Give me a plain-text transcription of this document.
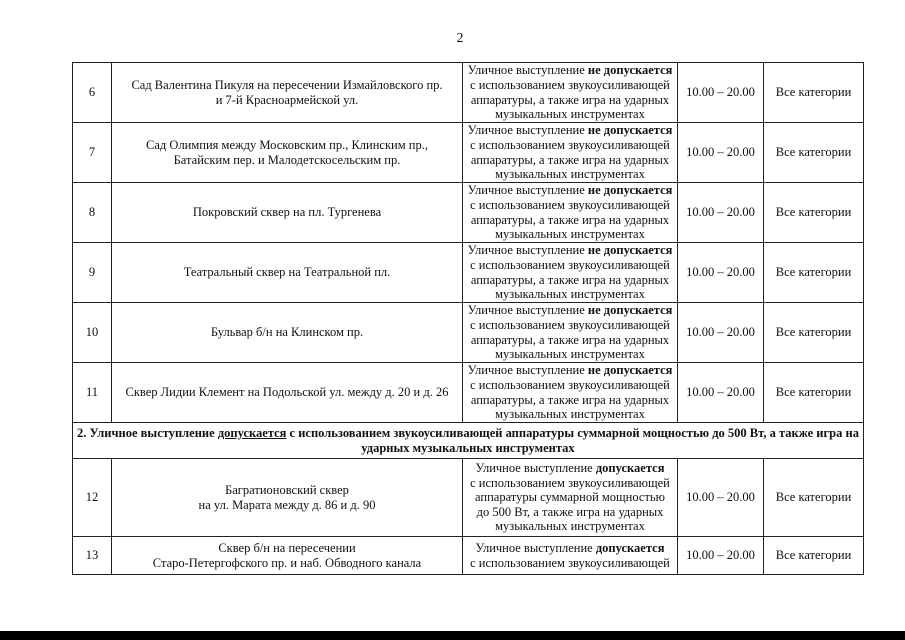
2
6	Сад Валентина Пикуля на пересечении Измайловского пр.
и 7-й Красноармейской ул.	Уличное выступление не допускается
с использованием звукоусиливающей
аппаратуры, а также игра на ударных
музыкальных инструментах	10.00 – 20.00	Все категории
7	Сад Олимпия между Московским пр., Клинским пр.,
Батайским пер. и Малодетскосельским пр.	Уличное выступление не допускается
с использованием звукоусиливающей
аппаратуры, а также игра на ударных
музыкальных инструментах	10.00 – 20.00	Все категории
8	Покровский сквер на пл. Тургенева	Уличное выступление не допускается
с использованием звукоусиливающей
аппаратуры, а также игра на ударных
музыкальных инструментах	10.00 – 20.00	Все категории
9	Театральный сквер на Театральной пл.	Уличное выступление не допускается
с использованием звукоусиливающей
аппаратуры, а также игра на ударных
музыкальных инструментах	10.00 – 20.00	Все категории
10	Бульвар б/н на Клинском пр.	Уличное выступление не допускается
с использованием звукоусиливающей
аппаратуры, а также игра на ударных
музыкальных инструментах	10.00 – 20.00	Все категории
11	Сквер Лидии Клемент на Подольской ул. между д. 20 и д. 26	Уличное выступление не допускается
с использованием звукоусиливающей
аппаратуры, а также игра на ударных
музыкальных инструментах	10.00 – 20.00	Все категории
2. Уличное выступление допускается с использованием звукоусиливающей аппаратуры суммарной мощностью до 500 Вт, а также игра на ударных музыкальных инструментах				
12	Багратионовский сквер
на ул. Марата между д. 86 и д. 90	Уличное выступление допускается
с использованием звукоусиливающей
аппаратуры суммарной мощностью
до 500 Вт, а также игра на ударных
музыкальных инструментах	10.00 – 20.00	Все категории
13	Сквер б/н на пересечении
Старо-Петергофского пр. и наб. Обводного канала	Уличное выступление допускается
с использованием звукоусиливающей	10.00 – 20.00	Все категории
